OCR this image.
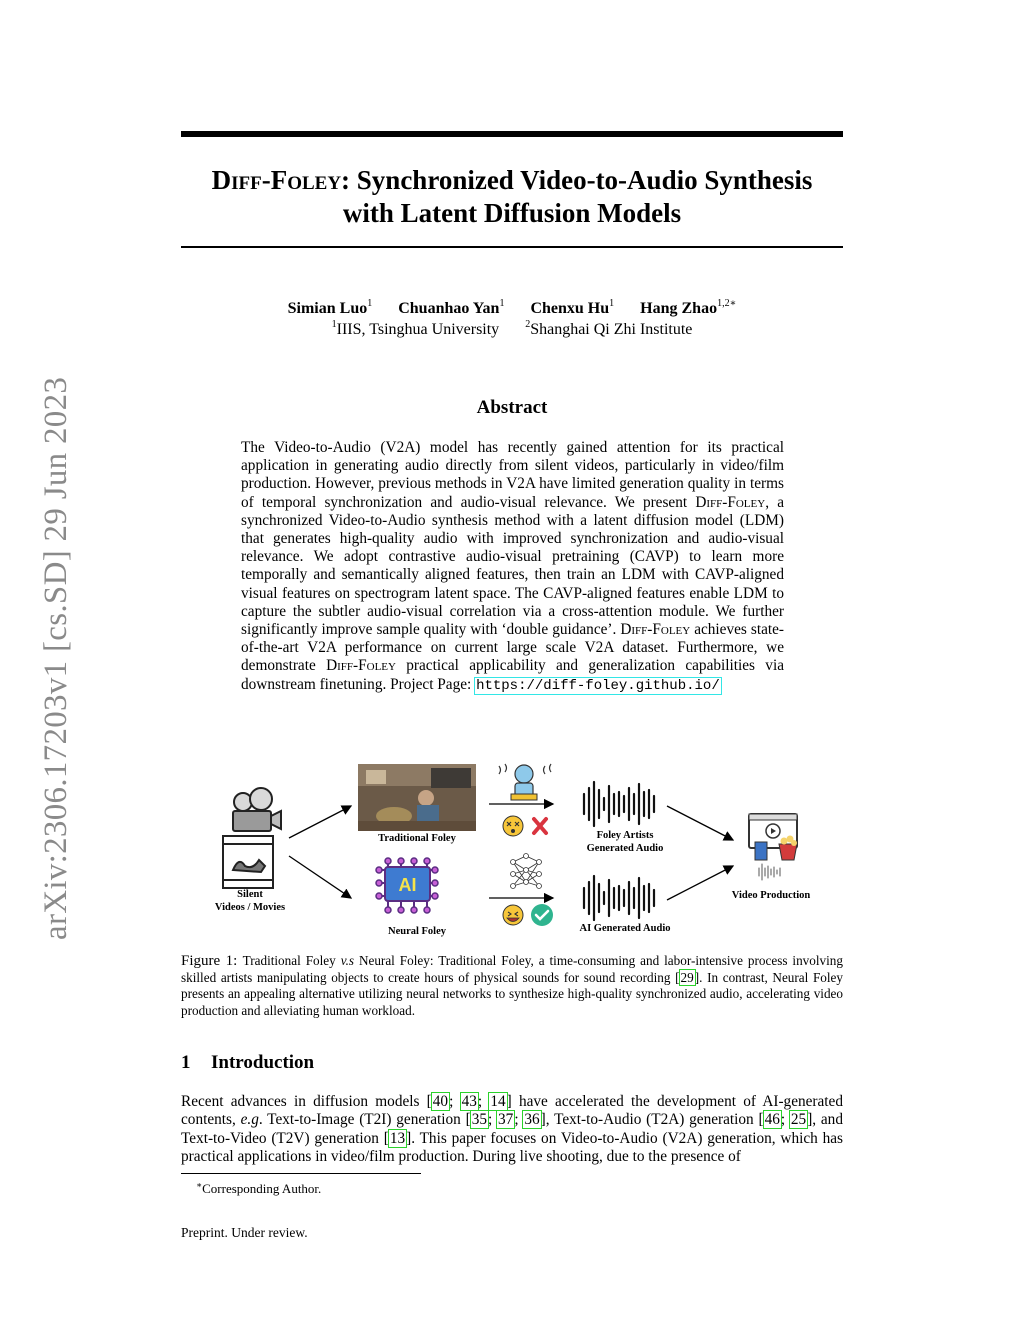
arXiv:2306.17203v1 [cs.SD] 29 Jun 2023
Diff-Foley: Synchronized Video-to-Audio Synthesis
with Latent Diffusion Models
Simian Luo$^1$ Chuanhao Yan$^1$ Chenxu Hu$^1$ Hang Zhao$^{1,2∗}$
$^1$IIIS, Tsinghua University	$^2$Shanghai Qi Zhi Institute
Abstract
The Video-to-Audio (V2A) model has recently gained attention for its practical application in generating audio directly from silent videos, particularly in video/film production. However, previous methods in V2A have limited generation quality in terms of temporal synchronization and audio-visual relevance. We present Diff-Foley, a synchronized Video-to-Audio synthesis method with a latent diffusion model (LDM) that generates high-quality audio with improved synchronization and audio-visual relevance. We adopt contrastive audio-visual pretraining (CAVP) to learn more temporally and semantically aligned features, then train an LDM with CAVP-aligned visual features on spectrogram latent space. The CAVP-aligned features enable LDM to capture the subtler audio-visual correlation via a cross-attention module. We further significantly improve sample quality with ‘double guidance’. Diff-Foley achieves state-of-the-art V2A performance on current large scale V2A dataset. Furthermore, we demonstrate Diff-Foley practical applicability and generalization capabilities via downstream finetuning. Project Page: https://diff-foley.github.io/
AI
Silent
Videos / Movies
Traditional Foley
Neural Foley
Foley Artists
Generated Audio
AI Generated Audio
Video Production
Figure 1: Traditional Foley v.s Neural Foley: Traditional Foley, a time-consuming and labor-intensive process involving skilled artists manipulating objects to create hours of physical sounds for sound recording [29]. In contrast, Neural Foley presents an appealing alternative utilizing neural networks to synthesize high-quality synchronized audio, accelerating video production and alleviating human workload.
1 Introduction
Recent advances in diffusion models [40; 43; 14] have accelerated the development of AI-generated contents, e.g. Text-to-Image (T2I) generation [35; 37; 36], Text-to-Audio (T2A) generation [46; 25], and Text-to-Video (T2V) generation [13]. This paper focuses on Video-to-Audio (V2A) generation, which has practical applications in video/film production. During live shooting, due to the presence of
∗Corresponding Author.
Preprint. Under review.
